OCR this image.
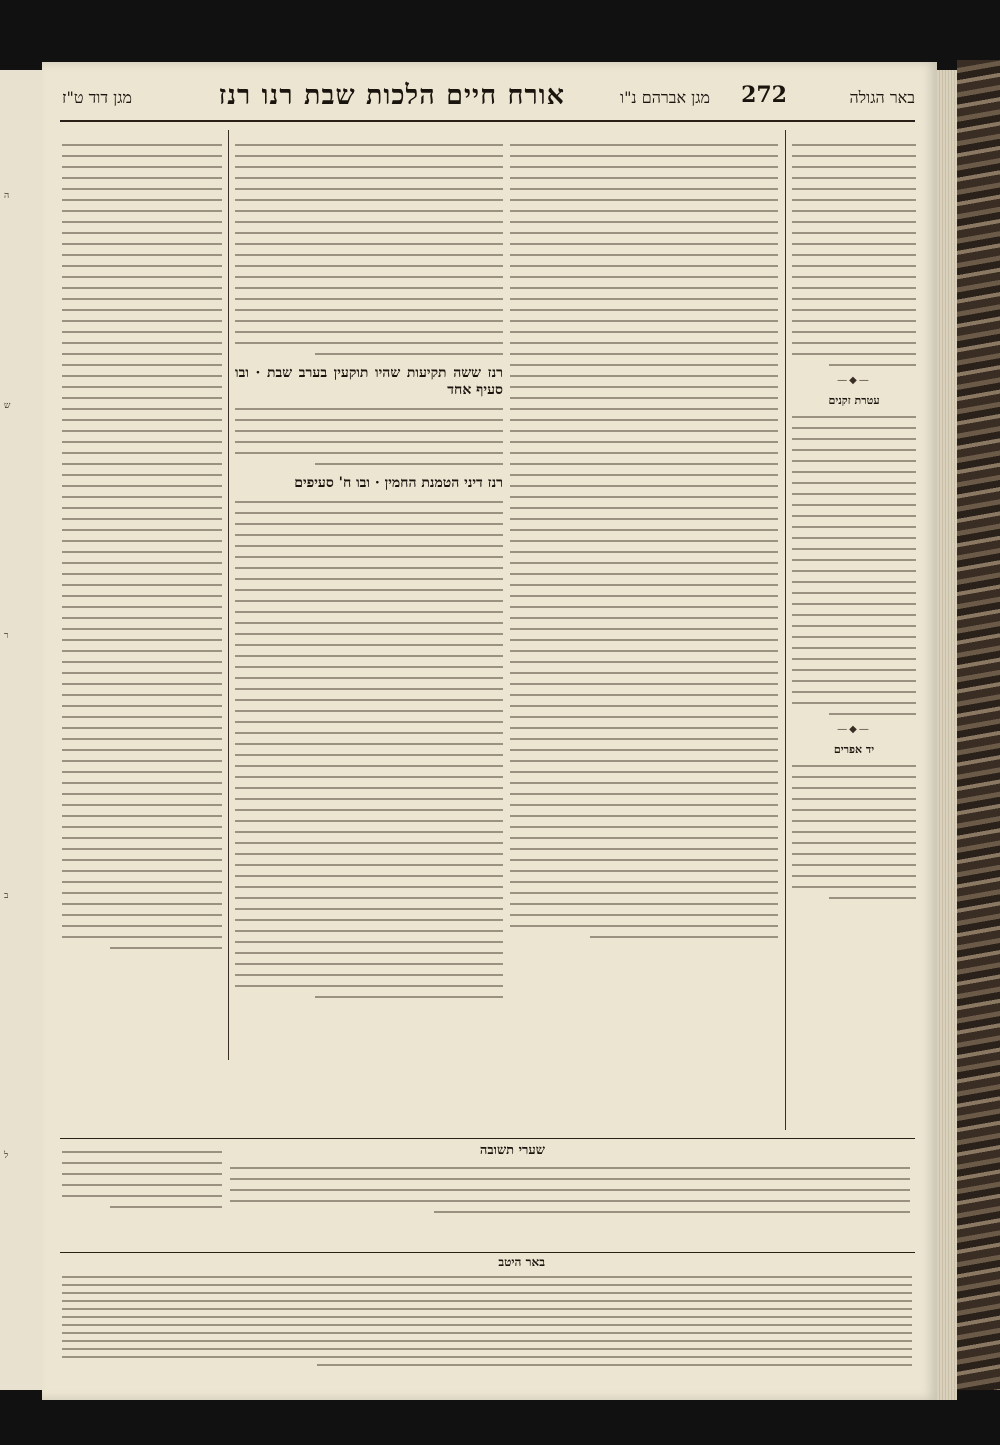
ה
ש
ר
ב
ל
באר הגולה
272
מגן אברהם נ"ו
אורח חיים הלכות שבת רנו רנז
מגן דוד ט"ז

—◆—
עטרת זקנים

—◆—
יד אפרים

רנז ששה תקיעות שהיו תוקעין בערב שבת · ובו סעיף אחד

רנז דיני הטמנת החמין · ובו ח' סעיפים

שערי תשובה

באר היטב
